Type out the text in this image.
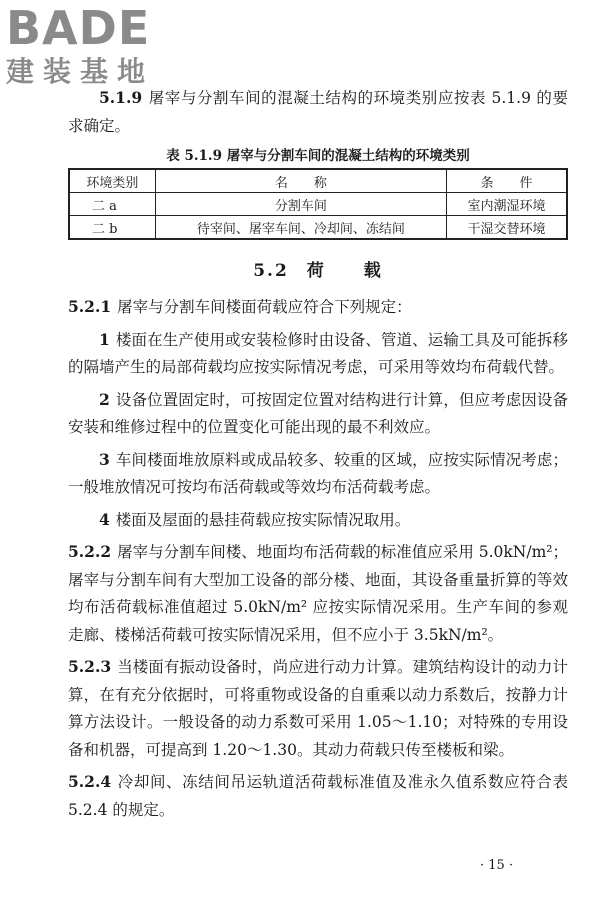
BADE
建装基地

5.1.9 屠宰与分割车间的混凝土结构的环境类别应按表 5.1.9 的要求确定。

表 5.1.9 屠宰与分割车间的混凝土结构的环境类别
环境类别	名　　称	条　　件
二 a	分割车间	室内潮湿环境
二 b	待宰间、屠宰车间、冷却间、冻结间	干湿交替环境
5.2 荷　　载

5.2.1 屠宰与分割车间楼面荷载应符合下列规定：

1 楼面在生产使用或安装检修时由设备、管道、运输工具及可能拆移的隔墙产生的局部荷载均应按实际情况考虑，可采用等效均布荷载代替。

2 设备位置固定时，可按固定位置对结构进行计算，但应考虑因设备安装和维修过程中的位置变化可能出现的最不利效应。

3 车间楼面堆放原料或成品较多、较重的区域，应按实际情况考虑；一般堆放情况可按均布活荷载或等效均布活荷载考虑。

4 楼面及屋面的悬挂荷载应按实际情况取用。

5.2.2 屠宰与分割车间楼、地面均布活荷载的标准值应采用 5.0kN/m²；屠宰与分割车间有大型加工设备的部分楼、地面，其设备重量折算的等效均布活荷载标准值超过 5.0kN/m² 应按实际情况采用。生产车间的参观走廊、楼梯活荷载可按实际情况采用，但不应小于 3.5kN/m²。

5.2.3 当楼面有振动设备时，尚应进行动力计算。建筑结构设计的动力计算，在有充分依据时，可将重物或设备的自重乘以动力系数后，按静力计算方法设计。一般设备的动力系数可采用 1.05～1.10；对特殊的专用设备和机器，可提高到 1.20～1.30。其动力荷载只传至楼板和梁。

5.2.4 冷却间、冻结间吊运轨道活荷载标准值及准永久值系数应符合表 5.2.4 的规定。

· 15 ·
